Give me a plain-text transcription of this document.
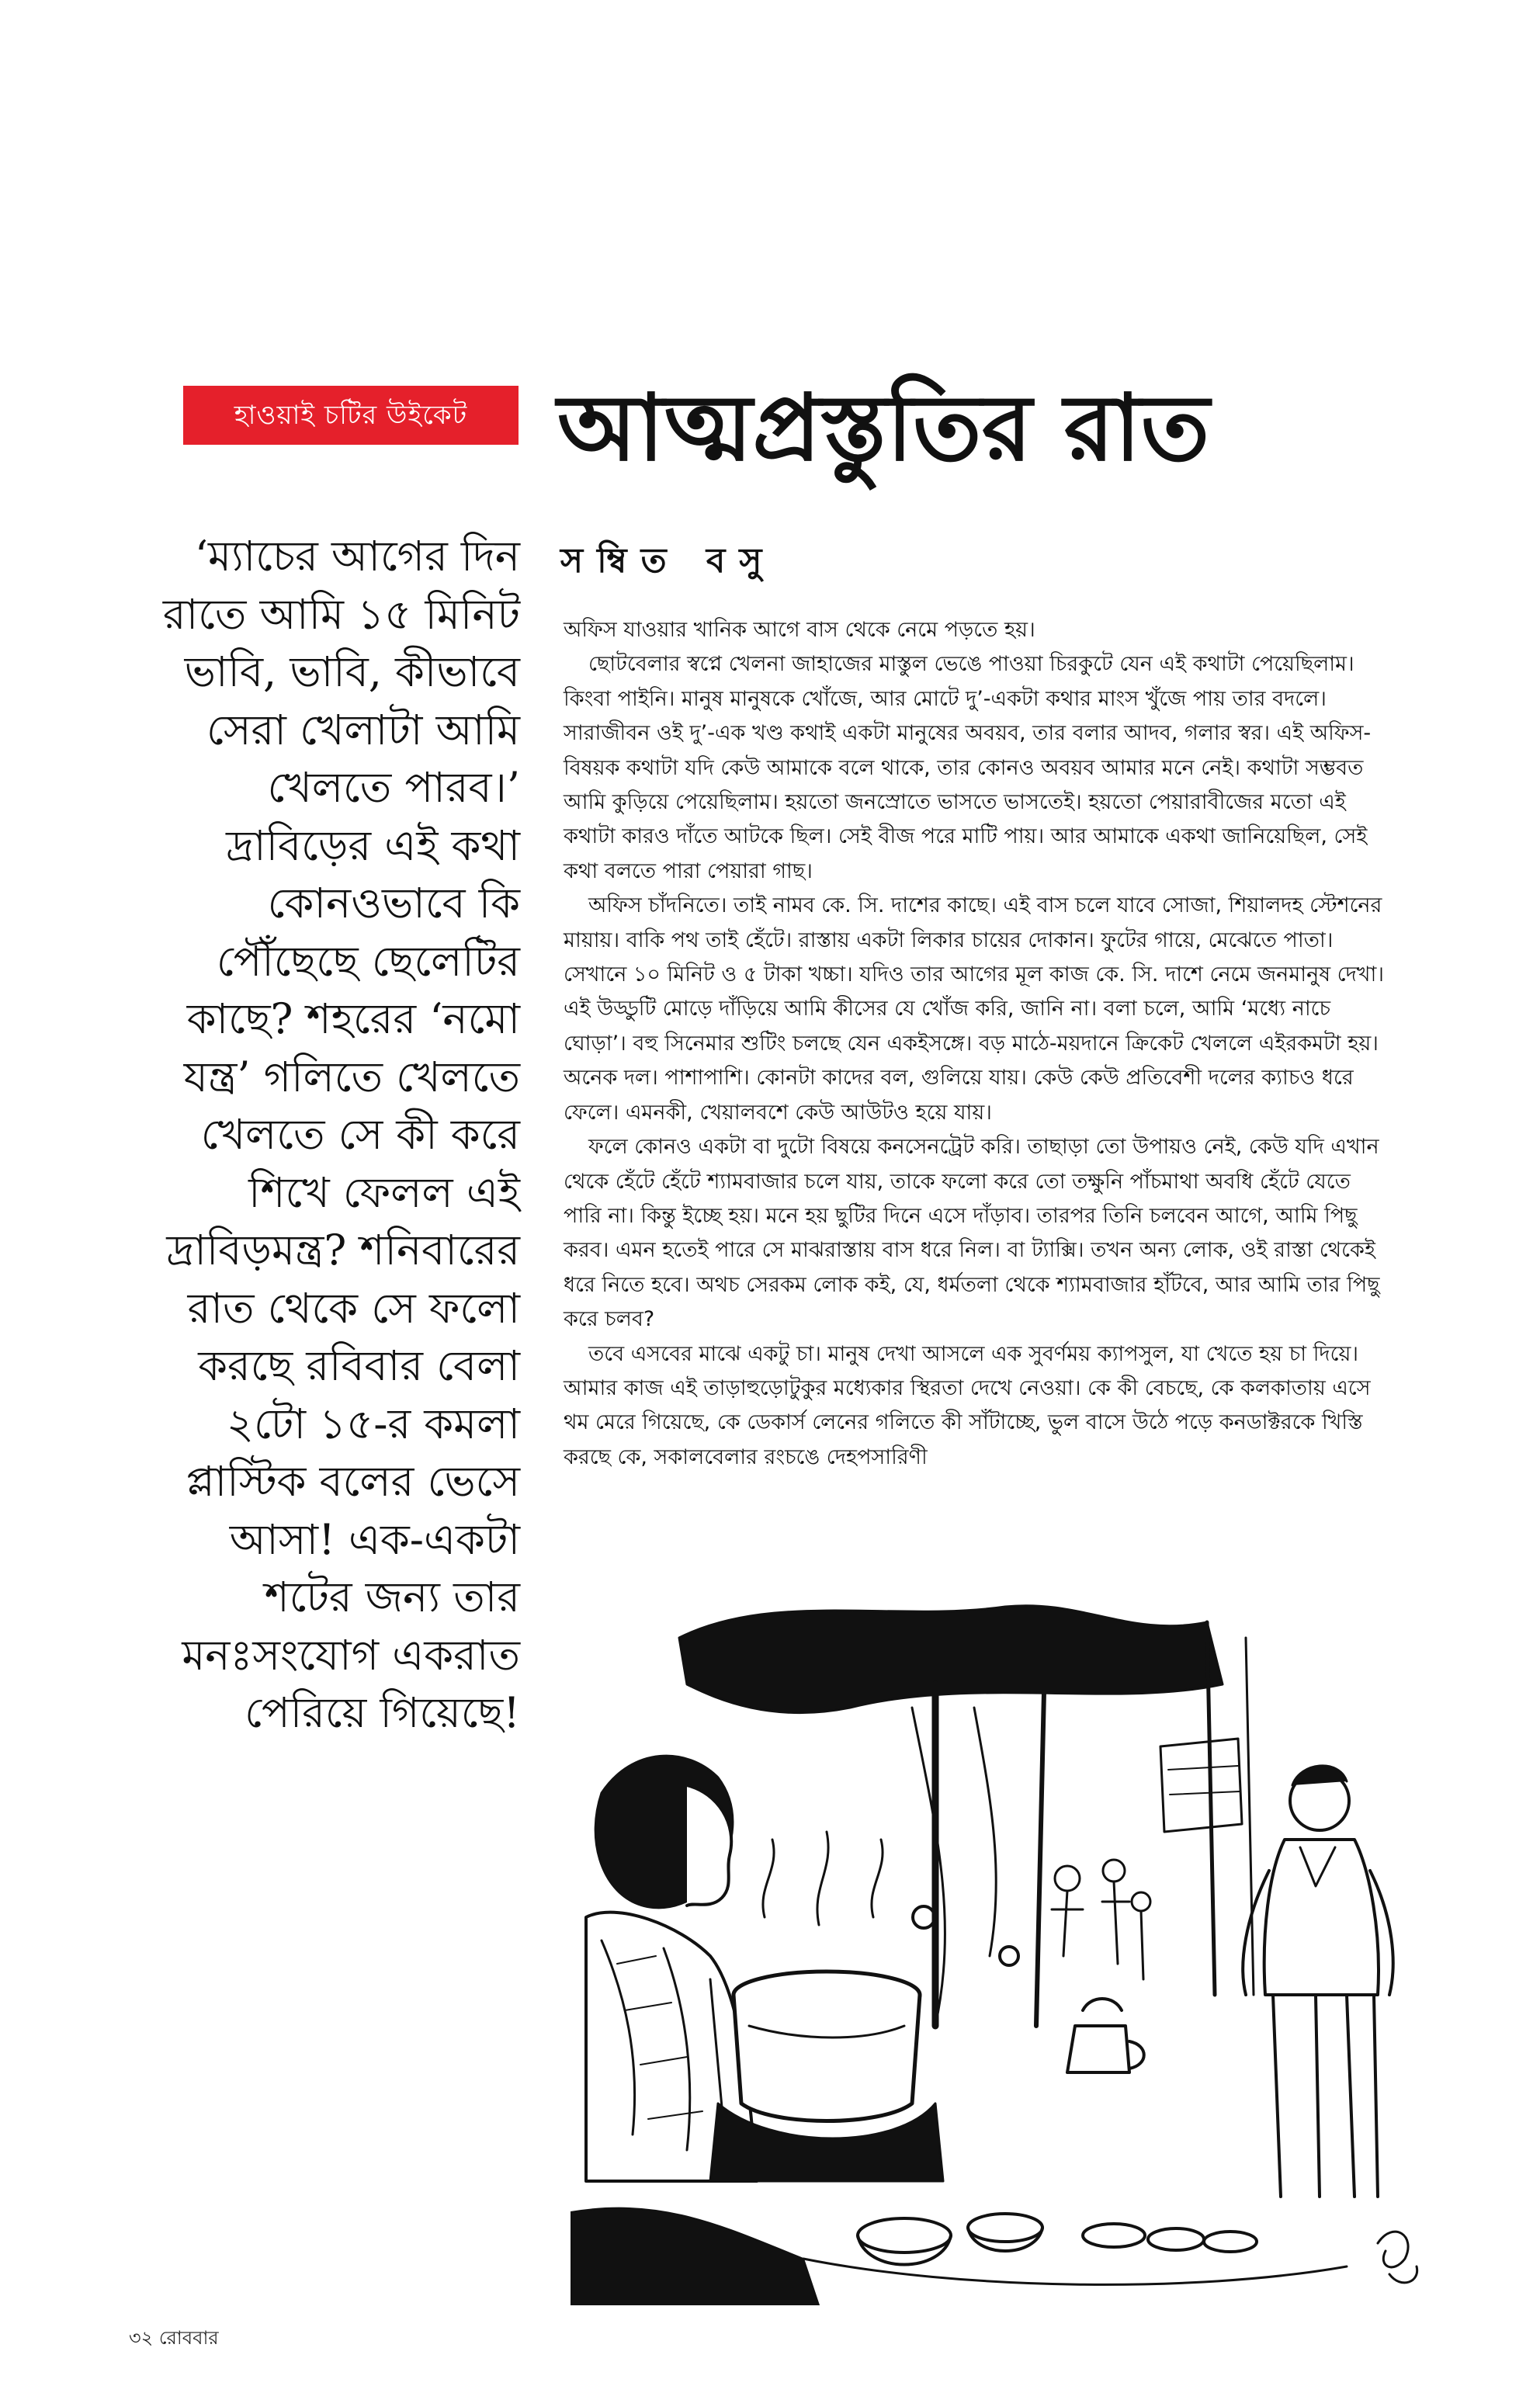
হাওয়াই চটির উইকেট আত্মপ্রস্তুতির রাত
‘ম্যাচের আগের দিন রাতে আমি ১৫ মিনিট ভাবি, ভাবি, কীভাবে সেরা খেলাটা আমি খেলতে পারব।’ দ্রাবিড়ের এই কথা কোনওভাবে কি পৌঁছেছে ছেলেটির কাছে? শহরের ‘নমো যন্ত্র’ গলিতে খেলতে খেলতে সে কী করে শিখে ফেলল এই দ্রাবিড়মন্ত্র? শনিবারের রাত থেকে সে ফলো করছে রবিবার বেলা ২টো ১৫-র কমলা প্লাস্টিক বলের ভেসে আসা! এক-একটা শটের জন্য তার মনঃসংযোগ একরাত পেরিয়ে গিয়েছে!
সম্বিত বসু

অফিস যাওয়ার খানিক আগে বাস থেকে নেমে পড়তে হয়।

ছোটবেলার স্বপ্নে খেলনা জাহাজের মাস্তুল ভেঙে পাওয়া চিরকুটে যেন এই কথাটা পেয়েছিলাম। কিংবা পাইনি। মানুষ মানুষকে খোঁজে, আর মোটে দু’-একটা কথার মাংস খুঁজে পায় তার বদলে। সারাজীবন ওই দু’-এক খণ্ড কথাই একটা মানুষের অবয়ব, তার বলার আদব, গলার স্বর। এই অফিস-বিষয়ক কথাটা যদি কেউ আমাকে বলে থাকে, তার কোনও অবয়ব আমার মনে নেই। কথাটা সম্ভবত আমি কুড়িয়ে পেয়েছিলাম। হয়তো জনস্রোতে ভাসতে ভাসতেই। হয়তো পেয়ারাবীজের মতো এই কথাটা কারও দাঁতে আটকে ছিল। সেই বীজ পরে মাটি পায়। আর আমাকে একথা জানিয়েছিল, সেই কথা বলতে পারা পেয়ারা গাছ।

অফিস চাঁদনিতে। তাই নামব কে. সি. দাশের কাছে। এই বাস চলে যাবে সোজা, শিয়ালদহ স্টেশনের মায়ায়। বাকি পথ তাই হেঁটে। রাস্তায় একটা লিকার চায়ের দোকান। ফুটের গায়ে, মেঝেতে পাতা। সেখানে ১০ মিনিট ও ৫ টাকা খচ্চা। যদিও তার আগের মূল কাজ কে. সি. দাশে নেমে জনমানুষ দেখা। এই উড্ডুটি মোড়ে দাঁড়িয়ে আমি কীসের যে খোঁজ করি, জানি না। বলা চলে, আমি ‘মধ্যে নাচে ঘোড়া’। বহু সিনেমার শুটিং চলছে যেন একইসঙ্গে। বড় মাঠে-ময়দানে ক্রিকেট খেললে এইরকমটা হয়। অনেক দল। পাশাপাশি। কোনটা কাদের বল, গুলিয়ে যায়। কেউ কেউ প্রতিবেশী দলের ক্যাচও ধরে ফেলে। এমনকী, খেয়ালবশে কেউ আউটও হয়ে যায়।

ফলে কোনও একটা বা দুটো বিষয়ে কনসেনট্রেট করি। তাছাড়া তো উপায়ও নেই, কেউ যদি এখান থেকে হেঁটে হেঁটে শ্যামবাজার চলে যায়, তাকে ফলো করে তো তক্ষুনি পাঁচমাথা অবধি হেঁটে যেতে পারি না। কিন্তু ইচ্ছে হয়। মনে হয় ছুটির দিনে এসে দাঁড়াব। তারপর তিনি চলবেন আগে, আমি পিছু করব। এমন হতেই পারে সে মাঝরাস্তায় বাস ধরে নিল। বা ট্যাক্সি। তখন অন্য লোক, ওই রাস্তা থেকেই ধরে নিতে হবে। অথচ সেরকম লোক কই, যে, ধর্মতলা থেকে শ্যামবাজার হাঁটবে, আর আমি তার পিছু করে চলব?

তবে এসবের মাঝে একটু চা। মানুষ দেখা আসলে এক সুবর্ণময় ক্যাপসুল, যা খেতে হয় চা দিয়ে। আমার কাজ এই তাড়াহুড়োটুকুর মধ্যেকার স্থিরতা দেখে নেওয়া। কে কী বেচছে, কে কলকাতায় এসে থম মেরে গিয়েছে, কে ডেকার্স লেনের গলিতে কী সাঁটাচ্ছে, ভুল বাসে উঠে পড়ে কনডাক্টরকে খিস্তি করছে কে, সকালবেলার রংচঙে দেহপসারিণী

৩২ রোববার
